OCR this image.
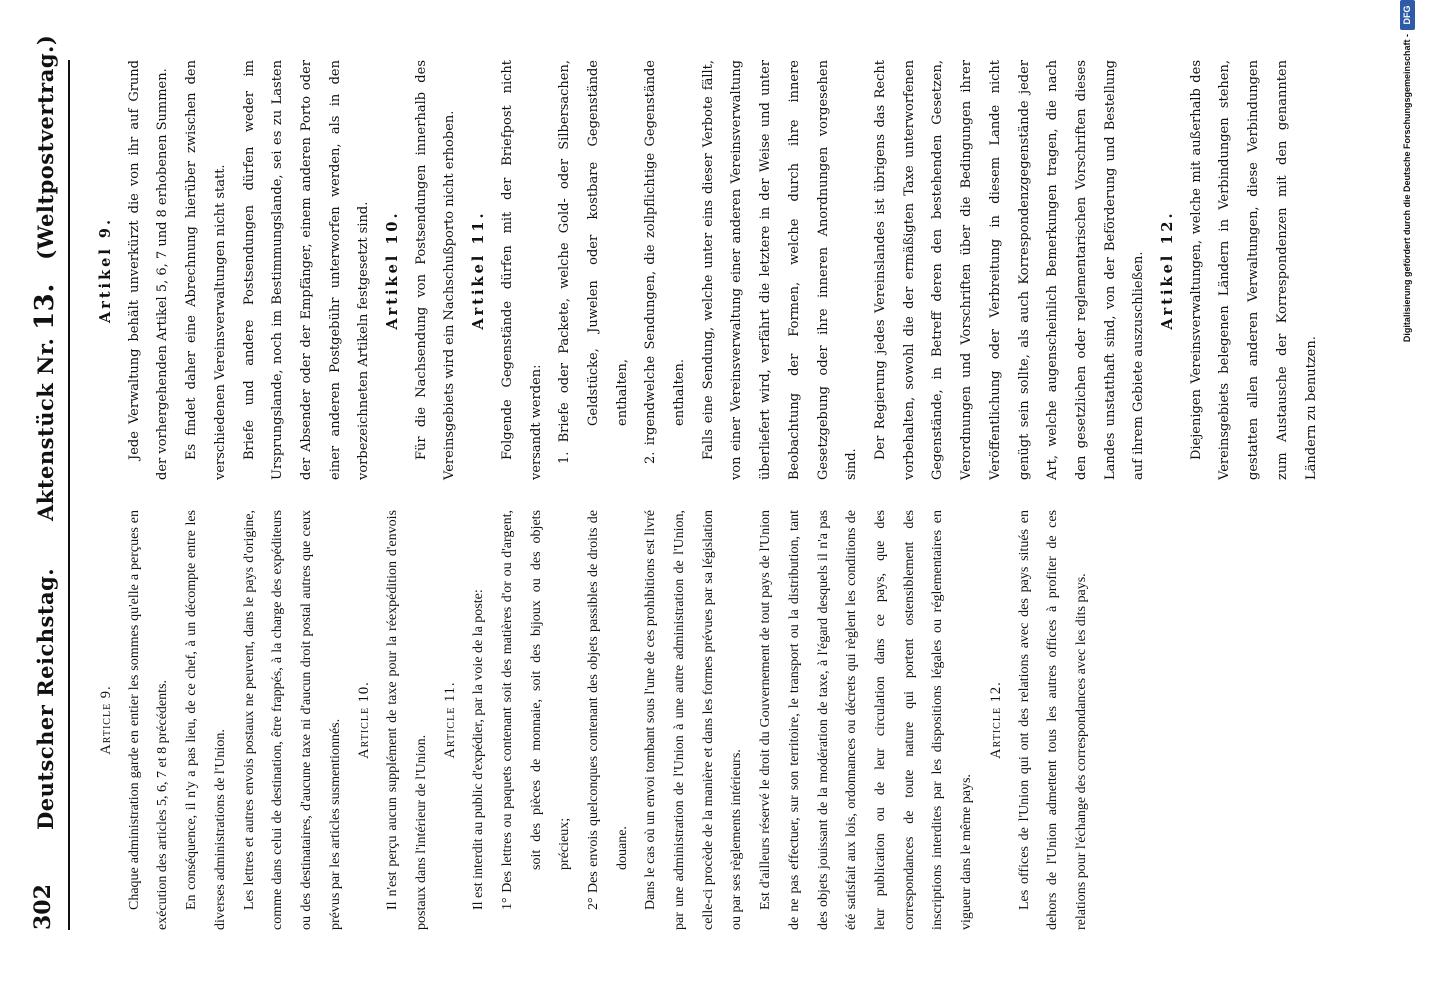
302
Deutscher Reichstag.      Aktenstück Nr. 13.   (Weltpostvertrag.)
Article 9. Chaque administration garde en entier les sommes qu'elle a perçues en exécution des articles 5, 6, 7 et 8 précédents. En conséquence, il n'y a pas lieu, de ce chef, à un décompte entre les diverses administrations de l'Union. Les lettres et autres envois postaux ne peuvent, dans le pays d'origine, comme dans celui de destination, être frappés, à la charge des expéditeurs ou des destinataires, d'aucune taxe ni d'aucun droit postal autres que ceux prévus par les articles susmentionnés. Article 10. Il n'est perçu aucun supplément de taxe pour la réexpédition d'envois postaux dans l'intérieur de l'Union.

Article 11. Il est interdit au public d'expédier, par la voie de la poste: 1° Des lettres ou paquets contenant soit des matières d'or ou d'argent, soit des pièces de monnaie, soit des bijoux ou des objets précieux; 2° Des envois quelconques contenant des objets passibles de droits de douane. Dans le cas où un envoi tombant sous l'une de ces prohibitions est livré par une administration de l'Union à une autre administration de l'Union, celle-ci procède de la manière et dans les formes prévues par sa législation ou par ses règlements intérieurs. Est d'ailleurs réservé le droit du Gouvernement de tout pays de l'Union de ne pas effectuer, sur son territoire, le transport ou la distribution, tant des objets jouissant de la modération de taxe, à l'égard desquels il n'a pas été satisfait aux lois, ordonnances ou décrets qui règlent les conditions de leur publication ou de leur circulation dans ce pays, que des correspondances de toute nature qui portent ostensiblement des inscriptions interdites par les dispositions légales ou réglementaires en vigueur dans le même pays.

Article 12. Les offices de l'Union qui ont des relations avec des pays situés en dehors de l'Union admettent tous les autres offices à profiter de ces relations pour l'échange des correspondances avec les dits pays.

Artikel 9. Jede Verwaltung behält unverkürzt die von ihr auf Grund der vorhergehenden Artikel 5, 6, 7 und 8 erhobenen Summen.	Es findet daher eine Abrechnung hierüber zwischen den verschiedenen Vereinsverwaltungen nicht statt.	Briefe und andere Postsendungen dürfen weder im Ursprungslande, noch im Bestimmungslande, sei es zu Lasten der Absender oder der Empfänger, einem anderen Porto oder einer anderen Postgebühr unterworfen werden, als in den vorbezeichneten Artikeln festgesetzt sind. Artikel 10. Für die Nachsendung von Postsendungen innerhalb des Vereinsgebiets wird ein Nachschußporto nicht erhoben. Artikel 11. Folgende Gegenstände dürfen mit der Briefpost nicht versandt werden:	1. Briefe oder Packete, welche Gold- oder Silbersachen, Geldstücke, Juwelen oder kostbare Gegenstände enthalten,	2. irgendwelche Sendungen, die zollpflichtige Gegenstände enthalten.	Falls eine Sendung, welche unter eins dieser Verbote fällt, von einer Vereinsverwaltung einer anderen Vereinsverwaltung überliefert wird, verfährt die letztere in der Weise und unter Beobachtung der Formen, welche durch ihre innere Gesetzgebung oder ihre inneren Anordnungen vorgesehen sind.

Der Regierung jedes Vereinslandes ist übrigens das Recht vorbehalten, sowohl die der ermäßigten Taxe unterworfenen Gegenstände, in Betreff deren den bestehenden Gesetzen, Verordnungen und Vorschriften über die Bedingungen ihrer Veröffentlichung oder Verbreitung in diesem Lande nicht genügt sein sollte, als auch Korrespondenzgegenstände jeder Art, welche augenscheinlich Bemerkungen tragen, die nach den gesetzlichen oder reglementarischen Vorschriften dieses Landes unstatthaft sind, von der Beförderung und Bestellung auf ihrem Gebiete auszuschließen. Artikel 12. Diejenigen Vereinsverwaltungen, welche mit außerhalb des Vereinsgebiets belegenen Ländern in Verbindungen stehen, gestatten allen anderen Verwaltungen, diese Verbindungen zum Austausche der Korrespondenzen mit den genannten Ländern zu benutzen.

Digitalisierung gefördert durch die Deutsche Forschungsgemeinschaft -
DFG
